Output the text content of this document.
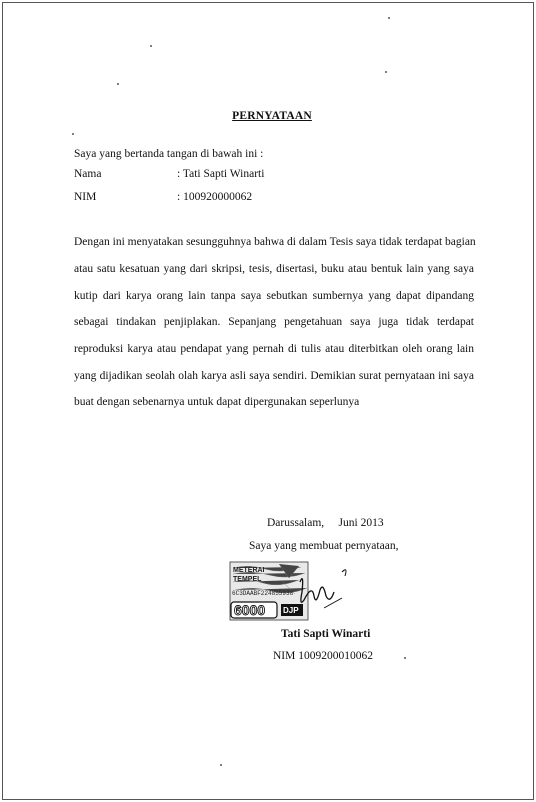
PERNYATAAN
Saya yang bertanda tangan di bawah ini :
Nama	: Tati Sapti Winarti
NIM	: 100920000062
Dengan ini menyatakan sesungguhnya bahwa di dalam Tesis saya tidak terdapat bagian
atau satu kesatuan yang dari skripsi, tesis, disertasi, buku atau bentuk lain yang saya
kutip dari karya orang lain tanpa saya sebutkan sumbernya yang dapat dipandang
sebagai tindakan penjiplakan. Sepanjang pengetahuan saya juga tidak terdapat
reproduksi karya atau pendapat yang pernah di tulis atau diterbitkan oleh orang lain
yang dijadikan seolah olah karya asli saya sendiri. Demikian surat pernyataan ini saya
buat dengan sebenarnya untuk dapat dipergunakan seperlunya
Darussalam,     Juni 2013
Saya yang membuat pernyataan,
METERAI
TEMPEL
6C3DAABF224855938
6000 DJP
Tati Sapti Winarti
NIM 1009200010062
